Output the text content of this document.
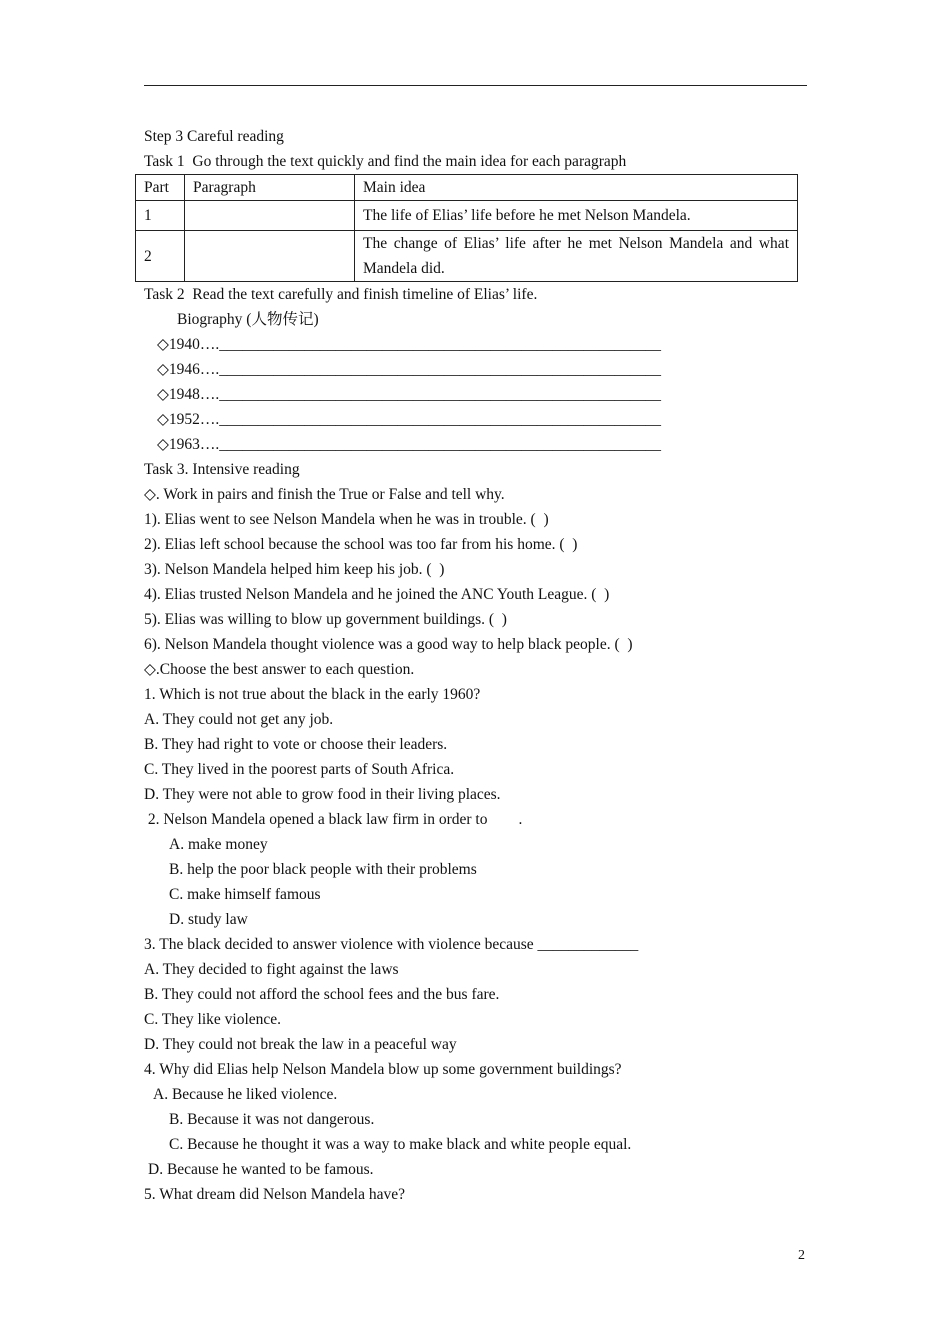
Step 3 Careful reading
Task 1  Go through the text quickly and find the main idea for each paragraph
Part	Paragraph	Main idea
1		The life of Elias’ life before he met Nelson Mandela.
2		The change of Elias’ life after he met Nelson Mandela and what Mandela did.
Task 2  Read the text carefully and finish timeline of Elias’ life.
Biography (人物传记)
◇1940…._________________________________________________________
◇1946…._________________________________________________________
◇1948…._________________________________________________________
◇1952…._________________________________________________________
◇1963…._________________________________________________________
Task 3. Intensive reading
◇. Work in pairs and finish the True or False and tell why.
1). Elias went to see Nelson Mandela when he was in trouble. (  )
2). Elias left school because the school was too far from his home. (  )
3). Nelson Mandela helped him keep his job. (  )
4). Elias trusted Nelson Mandela and he joined the ANC Youth League. (  )
5). Elias was willing to blow up government buildings. (  )
6). Nelson Mandela thought violence was a good way to help black people. (  )
◇.Choose the best answer to each question.
1. Which is not true about the black in the early 1960?
A. They could not get any job.
B. They had right to vote or choose their leaders.
C. They lived in the poorest parts of South Africa.
D. They were not able to grow food in their living places.
2. Nelson Mandela opened a black law firm in order to        .
A. make money
B. help the poor black people with their problems
C. make himself famous
D. study law
3. The black decided to answer violence with violence because _____________
A. They decided to fight against the laws
B. They could not afford the school fees and the bus fare.
C. They like violence.
D. They could not break the law in a peaceful way
4. Why did Elias help Nelson Mandela blow up some government buildings?
A. Because he liked violence.
B. Because it was not dangerous.
C. Because he thought it was a way to make black and white people equal.
D. Because he wanted to be famous.
5. What dream did Nelson Mandela have?
2
